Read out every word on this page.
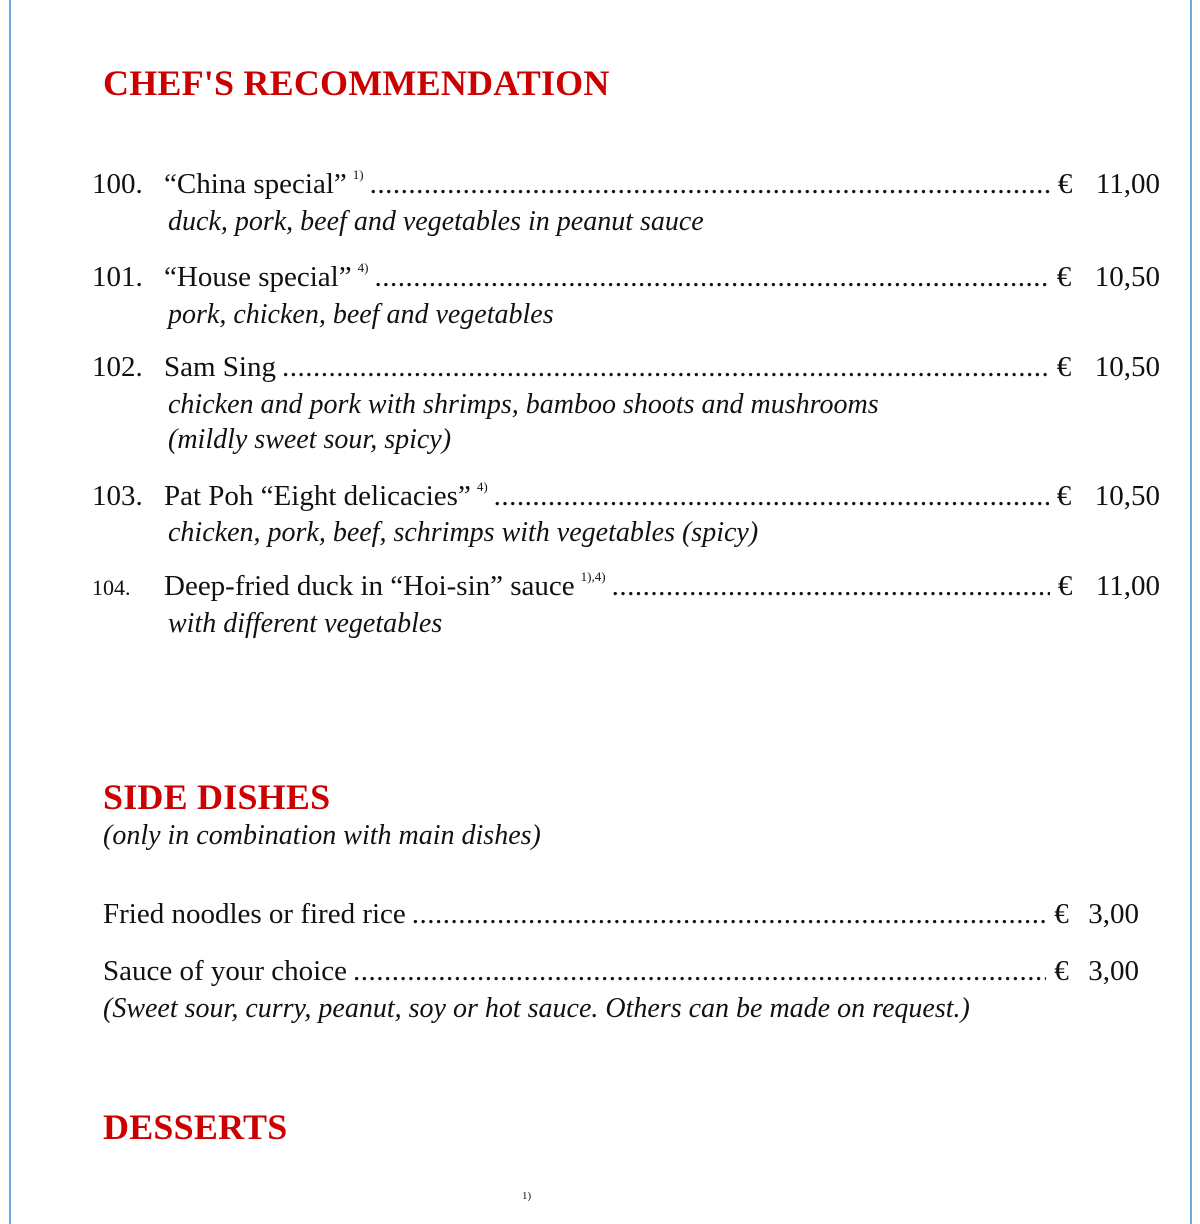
CHEF'S RECOMMENDATION
100. “China special” 1) .....	€ 11,00
duck, pork, beef and vegetables in peanut sauce
101. “House special” 4) .....	€ 10,50
pork, chicken, beef and vegetables
102. Sam Sing .....	€ 10,50
chicken and pork with shrimps, bamboo shoots and mushrooms
(mildly sweet sour, spicy)
103. Pat Poh “Eight delicacies” 4) .....	€ 10,50
chicken, pork, beef, schrimps with vegetables (spicy)
104.	Deep-fried duck in “Hoi-sin” sauce 1),4) .....	€ 11,00
with different vegetables
SIDE DISHES
(only in combination with main dishes)
Fried noodles or fired rice .....	€ 3,00
Sauce of your choice .....	€ 3,00
(Sweet sour, curry, peanut, soy or hot sauce. Others can be made on request.)
DESSERTS
1)
